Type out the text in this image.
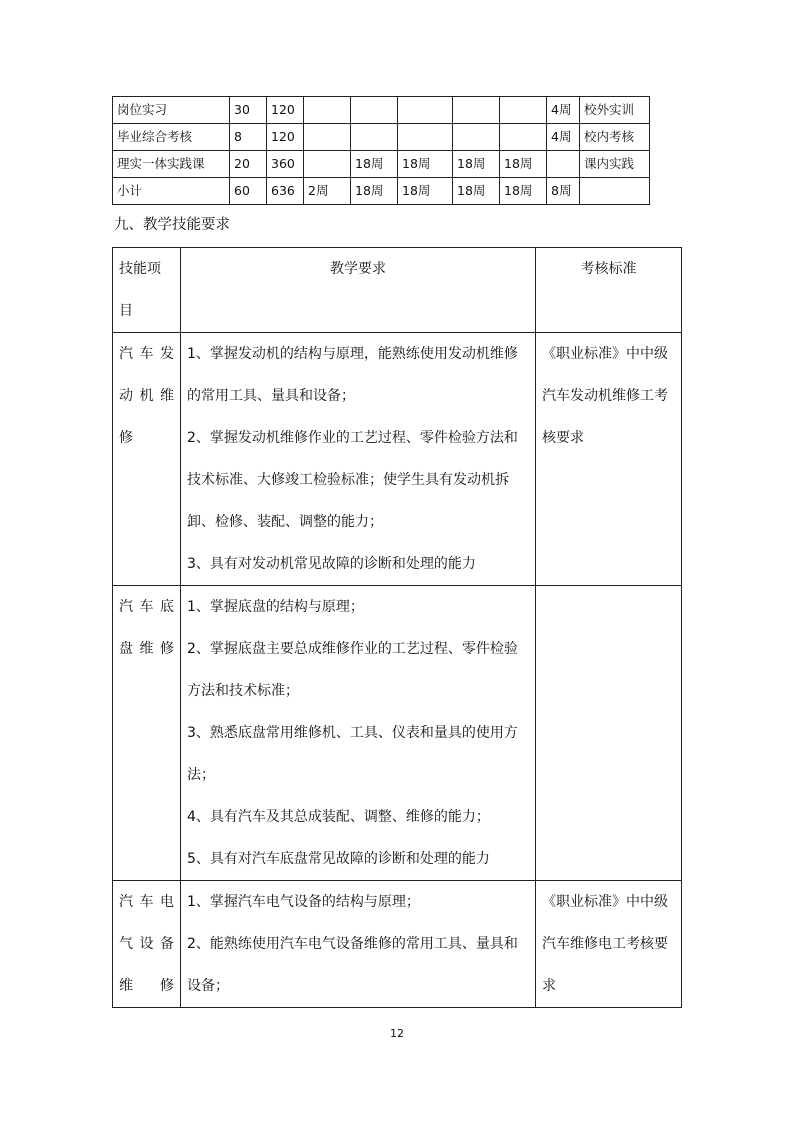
岗位实习	30	120						4周	校外实训
毕业综合考核	8	120						4周	校内考核
理实一体实践课	20	360		18周	18周	18周	18周		课内实践
小计	60	636	2周	18周	18周	18周	18周	8周	
九、教学技能要求
技能项目	教学要求	考核标准
汽车发动机维修	1、掌握发动机的结构与原理，能熟练使用发动机维修的常用工具、量具和设备；
2、掌握发动机维修作业的工艺过程、零件检验方法和技术标准、大修竣工检验标准；使学生具有发动机拆卸、检修、装配、调整的能力；
3、具有对发动机常见故障的诊断和处理的能力	《职业标准》中中级汽车发动机维修工考核要求
汽车底盘维修	1、掌握底盘的结构与原理；
2、掌握底盘主要总成维修作业的工艺过程、零件检验方法和技术标准；
3、熟悉底盘常用维修机、工具、仪表和量具的使用方法；
4、具有汽车及其总成装配、调整、维修的能力；
5、具有对汽车底盘常见故障的诊断和处理的能力	
汽车电气设备维修	1、掌握汽车电气设备的结构与原理；
2、能熟练使用汽车电气设备维修的常用工具、量具和设备；	《职业标准》中中级汽车维修电工考核要求
12
